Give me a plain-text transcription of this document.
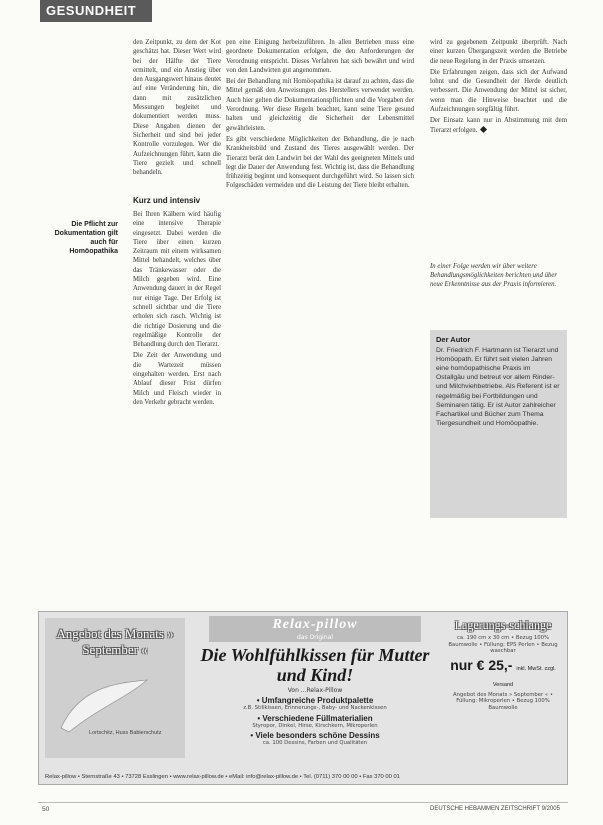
GESUNDHEIT
Die Pflicht zur Dokumentation gilt auch für Homöopathika

den Zeitpunkt, zu dem der Kot geschätzt hat. Dieser Wert wird bei der Hälfte der Tiere ermittelt, und ein Anstieg über den Ausgangswert hinaus deutet auf eine Veränderung hin, die dann mit zusätzlichen Messungen begleitet und dokumentiert werden muss. Diese Angaben dienen der Sicherheit und sind bei jeder Kontrolle vorzulegen. Wer die Aufzeichnungen führt, kann die Tiere gezielt und schnell behandeln.

Kurz und intensiv

Bei Ihren Kälbern wird häufig eine intensive Therapie eingesetzt. Dabei werden die Tiere über einen kurzen Zeitraum mit einem wirksamen Mittel behandelt, welches über das Tränkewasser oder die Milch gegeben wird. Eine Anwendung dauert in der Regel nur einige Tage. Der Erfolg ist schnell sichtbar und die Tiere erholen sich rasch. Wichtig ist die richtige Dosierung und die regelmäßige Kontrolle der Behandlung durch den Tierarzt.

Die Zeit der Anwendung und die Wartezeit müssen eingehalten werden. Erst nach Ablauf dieser Frist dürfen Milch und Fleisch wieder in den Verkehr gebracht werden.

pen eine Einigung herbeizuführen. In allen Betrieben muss eine geordnete Dokumentation erfolgen, die den Anforderungen der Verordnung entspricht. Dieses Verfahren hat sich bewährt und wird von den Landwirten gut angenommen.

Bei der Behandlung mit Homöopathika ist darauf zu achten, dass die Mittel gemäß den Anweisungen des Herstellers verwendet werden. Auch hier gelten die Dokumentationspflichten und die Vorgaben der Verordnung. Wer diese Regeln beachtet, kann seine Tiere gesund halten und gleichzeitig die Sicherheit der Lebensmittel gewährleisten.

Es gibt verschiedene Möglichkeiten der Behandlung, die je nach Krankheitsbild und Zustand des Tieres ausgewählt werden. Der Tierarzt berät den Landwirt bei der Wahl des geeigneten Mittels und legt die Dauer der Anwendung fest. Wichtig ist, dass die Behandlung frühzeitig beginnt und konsequent durchgeführt wird. So lassen sich Folgeschäden vermeiden und die Leistung der Tiere bleibt erhalten.

wird zu gegebenem Zeitpunkt überprüft. Nach einer kurzen Übergangszeit werden die Betriebe die neue Regelung in der Praxis umsetzen.

Die Erfahrungen zeigen, dass sich der Aufwand lohnt und die Gesundheit der Herde deutlich verbessert. Die Anwendung der Mittel ist sicher, wenn man die Hinweise beachtet und die Aufzeichnungen sorgfältig führt.

Der Einsatz kann nur in Abstimmung mit dem Tierarzt erfolgen.

In einer Folge werden wir über weitere Behandlungsmöglichkeiten berichten und über neue Erkenntnisse aus der Praxis informieren.
Der Autor
Dr. Friedrich F. Hartmann ist Tierarzt und Homöopath. Er führt seit vielen Jahren eine homöopathische Praxis im Ostallgäu und betreut vor allem Rinder- und Milchviehbetriebe. Als Referent ist er regelmäßig bei Fortbildungen und Seminaren tätig. Er ist Autor zahlreicher Fachartikel und Bücher zum Thema Tiergesundheit und Homöopathie.
Angebot des Monats » September «
Lortschitz, Huss Babierschutz
Relax-pillow
das Original
Die Wohlfühlkissen für Mutter und Kind!
Von ...Relax-Pillow
• Umfangreiche Produktpalette
z.B. Stillkissen, Erinnerungs-, Baby- und Nackenkissen
• Verschiedene Füllmaterialien
Styropor, Dinkel, Hirse, Kirschkern, Mikroperlen
• Viele besonders schöne Dessins
ca. 100 Dessins, Farben und Qualitäten
Lagerungs-schlange
ca. 190 cm x 30 cm • Bezug 100% Baumwolle • Füllung: EPS Perlen • Bezug waschbar
nur € 25,- inkl. MwSt. zzgl. Versand
Angebot des Monats » September « • Füllung: Mikroperlen • Bezug 100% Baumwolle
Relax-pillow • Sternstraße 43 • 73728 Esslingen • www.relax-pillow.de • eMail: info@relax-pillow.de • Tel. (0711) 370 00 00 • Fax 370 00 01
50	DEUTSCHE HEBAMMEN ZEITSCHRIFT 9/2005
